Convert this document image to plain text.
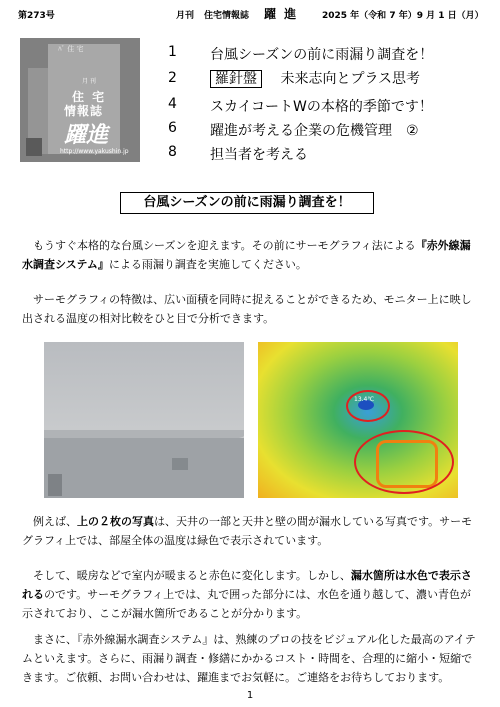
第273号	月刊 住宅情報誌 躍 進	2025 年（令和 7 年）9 月 1 日（月）
ﾊﾞ 住 宅
月 刊
住 宅
情報誌
躍進
http://www.yakushin.jp
1 台風シーズンの前に雨漏り調査を！
2	羅針盤 未来志向とプラス思考
4 スカイコートWの本格的季節です！
6 躍進が考える企業の危機管理　②
8 担当者を考える
台風シーズンの前に雨漏り調査を！
もうすぐ本格的な台風シーズンを迎えます。その前にサーモグラフィ法による『赤外線漏水調査システム』による雨漏り調査を実施してください。
サーモグラフィの特徴は、広い面積を同時に捉えることができるため、モニター上に映し出される温度の相対比較をひと目で分析できます。
13.4℃
例えば、上の２枚の写真は、天井の一部と天井と壁の間が漏水している写真です。サーモグラフィ上では、部屋全体の温度は緑色で表示されています。
そして、暖房などで室内が暖まると赤色に変化します。しかし、漏水箇所は水色で表示されるのです。サーモグラフィ上では、丸で囲った部分には、水色を通り越して、濃い青色が示されており、ここが漏水箇所であることが分かります。
まさに、『赤外線漏水調査システム』は、熟練のプロの技をビジュアル化した最高のアイテムといえます。さらに、雨漏り調査・修繕にかかるコスト・時間を、合理的に縮小・短縮できます。ご依頼、お問い合わせは、躍進までお気軽に。ご連絡をお待ちしております。
1
